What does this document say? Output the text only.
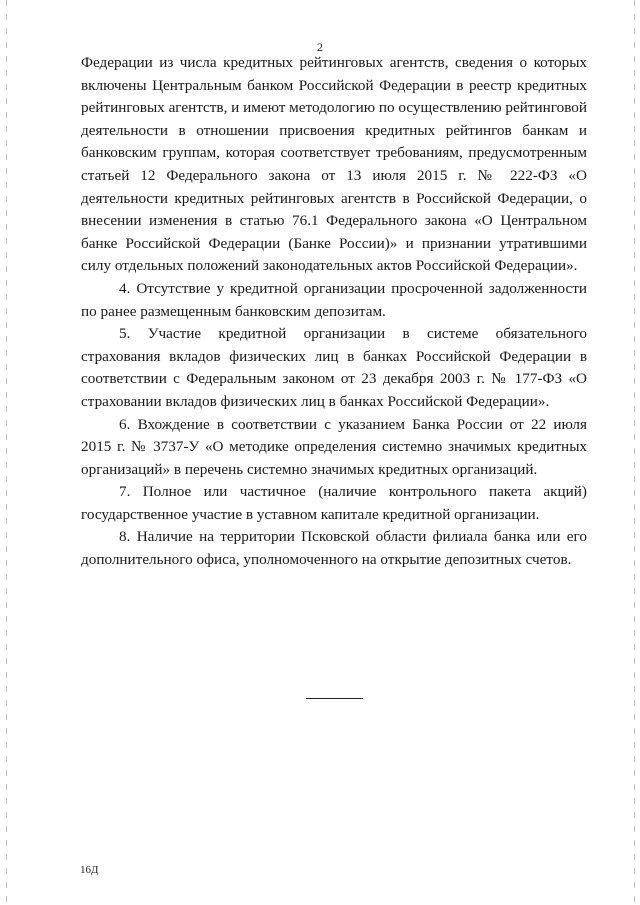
2

Федерации из числа кредитных рейтинговых агентств, сведения о которых включены Центральным банком Российской Федерации в реестр кредитных рейтинговых агентств, и имеют методологию по осуществлению рейтинговой деятельности в отношении присвоения кредитных рейтингов банкам и банковским группам, которая соответствует требованиям, предусмотренным статьей 12 Федерального закона от 13 июля 2015 г. № 222-ФЗ «О деятельности кредитных рейтинговых агентств в Российской Федерации, о внесении изменения в статью 76.1 Федерального закона «О Центральном банке Российской Федерации (Банке России)» и признании утратившими силу отдельных положений законодательных актов Российской Федерации».

4. Отсутствие у кредитной организации просроченной задолженности по ранее размещенным банковским депозитам.

5. Участие кредитной организации в системе обязательного страхования вкладов физических лиц в банках Российской Федерации в соответствии с Федеральным законом от 23 декабря 2003 г. № 177-ФЗ «О страховании вкладов физических лиц в банках Российской Федерации».

6. Вхождение в соответствии с указанием Банка России от 22 июля 2015 г. № 3737-У «О методике определения системно значимых кредитных организаций» в перечень системно значимых кредитных организаций.

7. Полное или частичное (наличие контрольного пакета акций) государственное участие в уставном капитале кредитной организации.

8. Наличие на территории Псковской области филиала банка или его дополнительного офиса, уполномоченного на открытие депозитных счетов.

16Д
